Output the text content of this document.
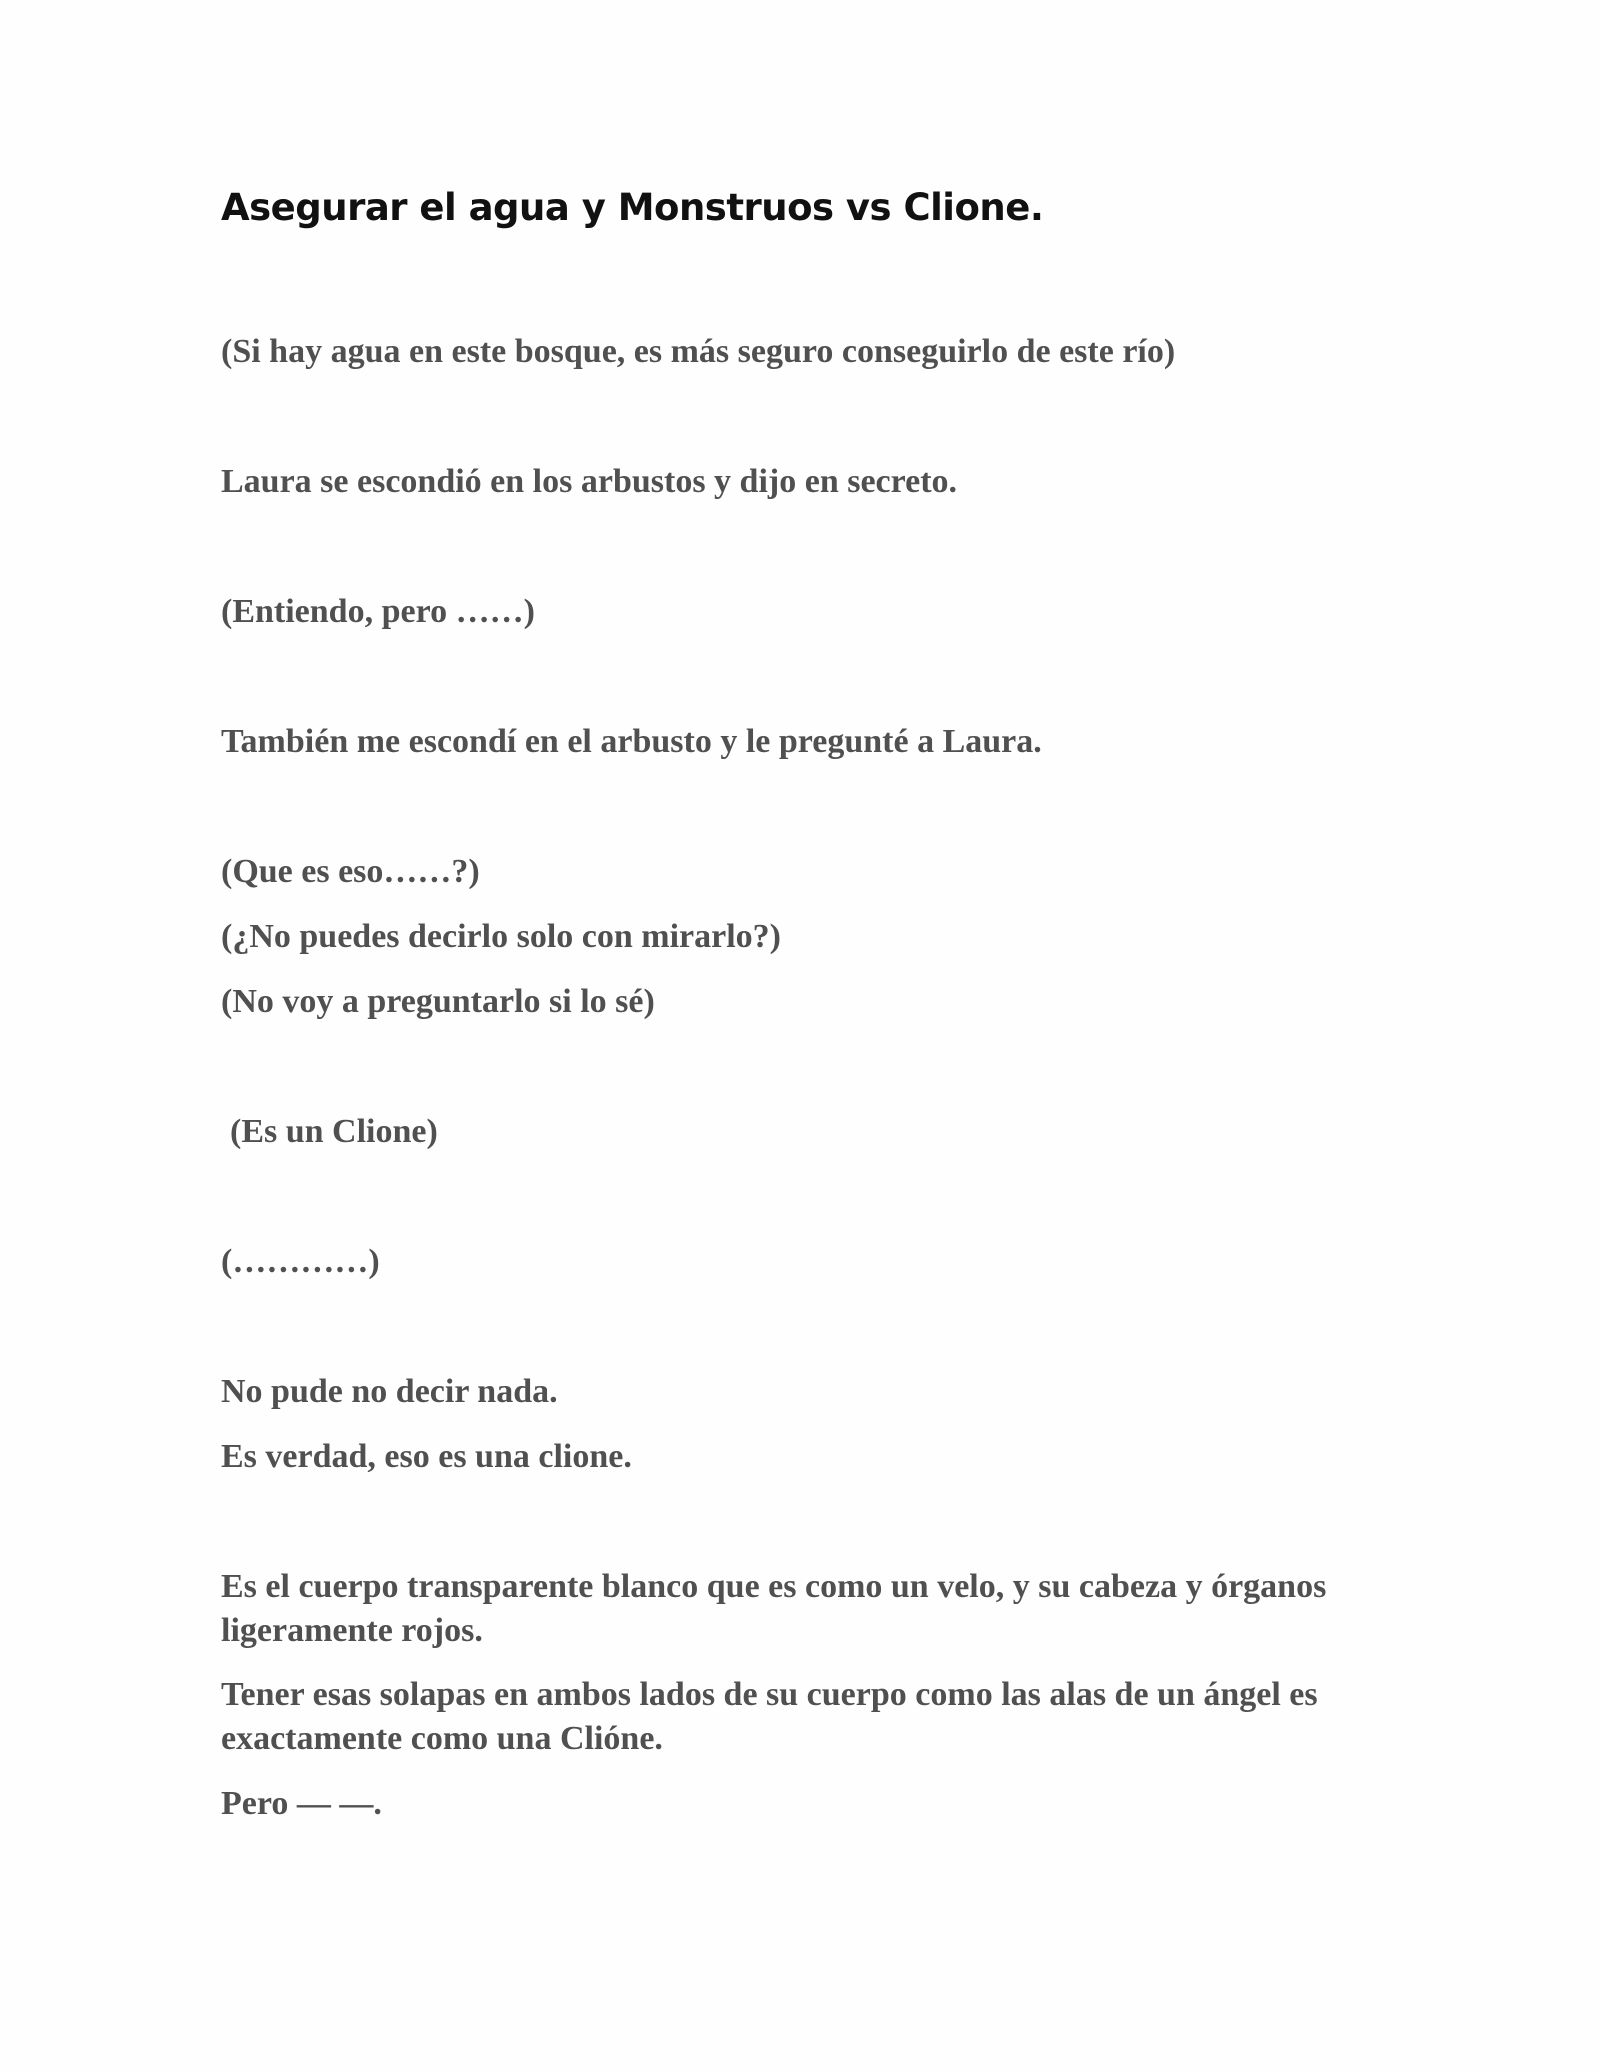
Asegurar el agua y Monstruos vs Clione.

(Si hay agua en este bosque, es más seguro conseguirlo de este río)

Laura se escondió en los arbustos y dijo en secreto.

(Entiendo, pero ……)

También me escondí en el arbusto y le pregunté a Laura.

(Que es eso……?)

(¿No puedes decirlo solo con mirarlo?)

(No voy a preguntarlo si lo sé)

(Es un Clione)

(…………)

No pude no decir nada.

Es verdad, eso es una clione.

Es el cuerpo transparente blanco que es como un velo, y su cabeza y órganos ligeramente rojos.

Tener esas solapas en ambos lados de su cuerpo como las alas de un ángel es exactamente como una Clióne.

Pero ― ―.
